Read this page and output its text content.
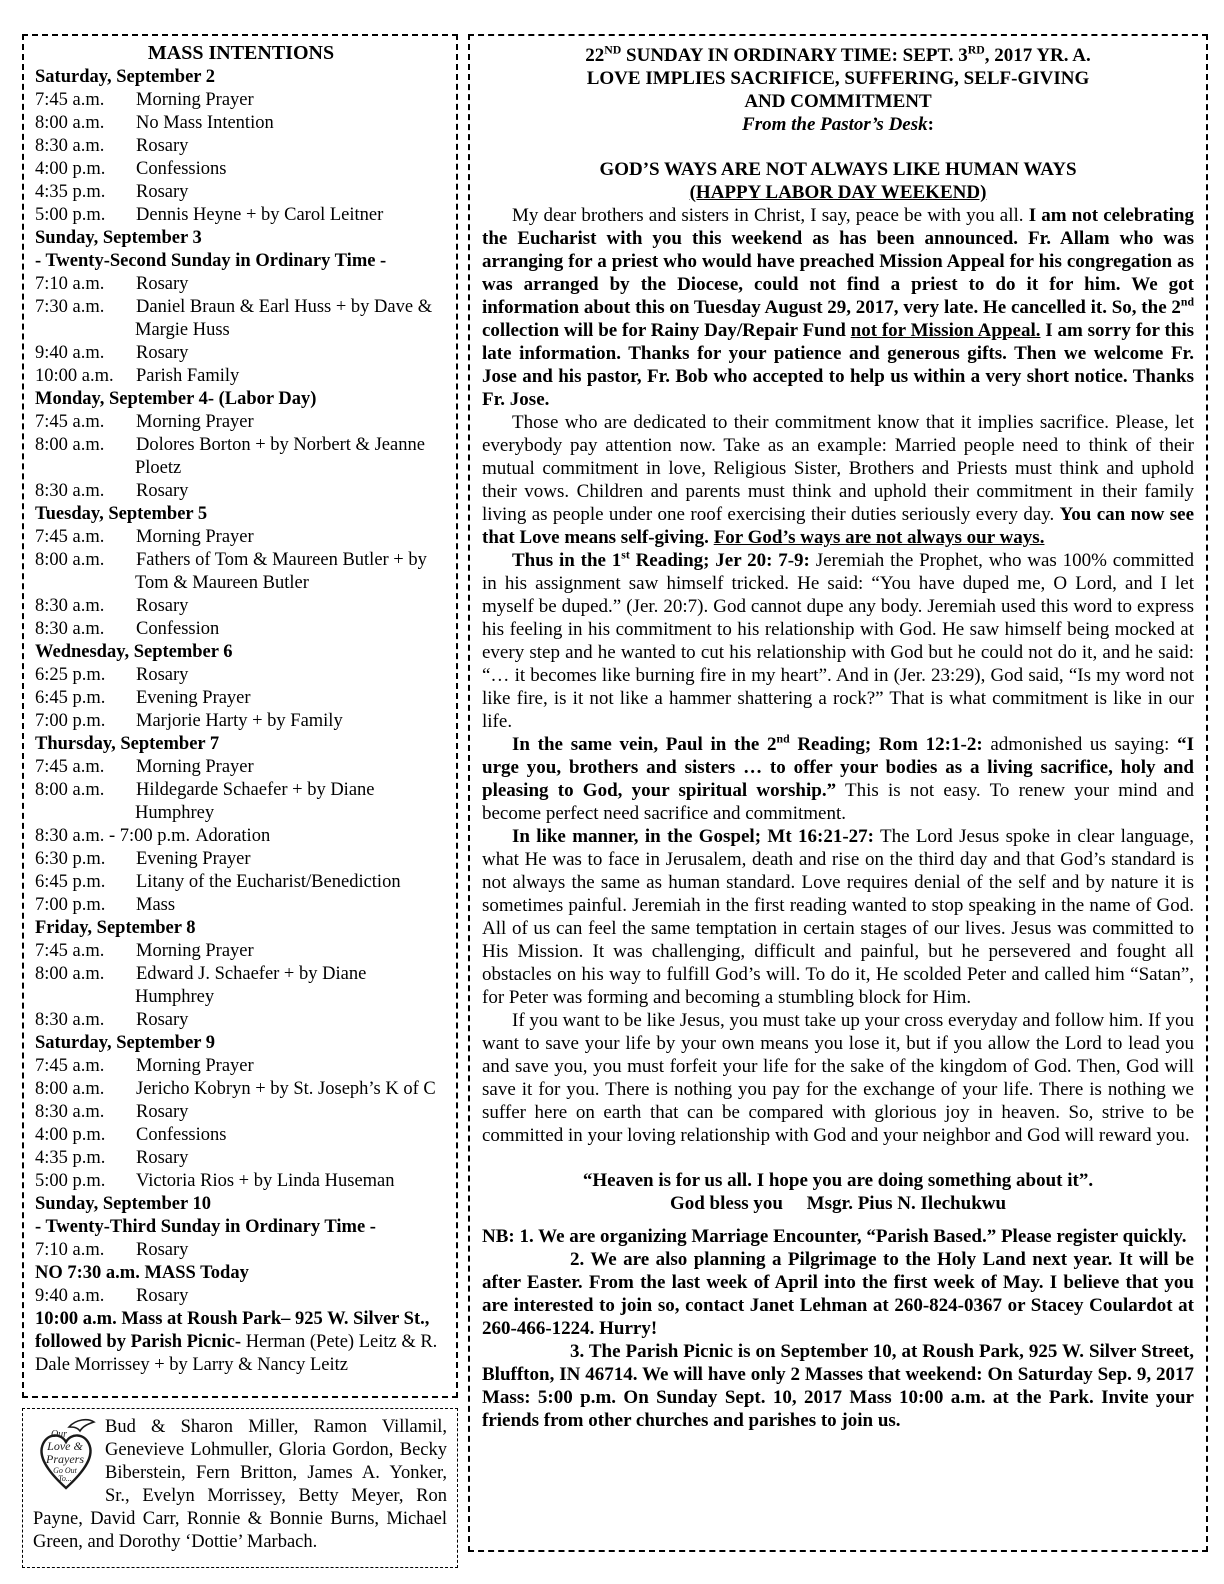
MASS INTENTIONS
Saturday, September 2
7:45 a.m. Morning Prayer
8:00 a.m. No Mass Intention
8:30 a.m. Rosary
4:00 p.m. Confessions
4:35 p.m. Rosary
5:00 p.m. Dennis Heyne + by Carol Leitner
Sunday, September 3
- Twenty-Second Sunday in Ordinary Time -
7:10 a.m. Rosary
7:30 a.m. Daniel Braun & Earl Huss + by Dave & Margie Huss
9:40 a.m. Rosary
10:00 a.m. Parish Family
Monday, September 4- (Labor Day)
7:45 a.m. Morning Prayer
8:00 a.m. Dolores Borton + by Norbert & Jeanne Ploetz
8:30 a.m. Rosary
Tuesday, September 5
7:45 a.m. Morning Prayer
8:00 a.m. Fathers of Tom & Maureen Butler + by Tom & Maureen Butler
8:30 a.m. Rosary
8:30 a.m. Confession
Wednesday, September 6
6:25 p.m. Rosary
6:45 p.m. Evening Prayer
7:00 p.m. Marjorie Harty + by Family
Thursday, September 7
7:45 a.m. Morning Prayer
8:00 a.m. Hildegarde Schaefer + by Diane Humphrey
8:30 a.m. - 7:00 p.m. Adoration
6:30 p.m. Evening Prayer
6:45 p.m. Litany of the Eucharist/Benediction
7:00 p.m. Mass
Friday, September 8
7:45 a.m. Morning Prayer
8:00 a.m. Edward J. Schaefer + by Diane Humphrey
8:30 a.m. Rosary
Saturday, September 9
7:45 a.m. Morning Prayer
8:00 a.m. Jericho Kobryn + by St. Joseph’s K of C
8:30 a.m. Rosary
4:00 p.m. Confessions
4:35 p.m. Rosary
5:00 p.m. Victoria Rios + by Linda Huseman
Sunday, September 10
- Twenty-Third Sunday in Ordinary Time -
7:10 a.m. Rosary
NO 7:30 a.m. MASS Today
9:40 a.m. Rosary
10:00 a.m. Mass at Roush Park– 925 W. Silver St., followed by Parish Picnic- Herman (Pete) Leitz & R. Dale Morrissey + by Larry & Nancy Leitz
Our
Love &
Prayers
Go Out
To...
Bud & Sharon Miller, Ramon Villamil, Genevieve Lohmuller, Gloria Gordon, Becky Biberstein, Fern Britton, James A. Yonker, Sr., Evelyn Morrissey, Betty Meyer, Ron Payne, David Carr, Ronnie & Bonnie Burns, Michael Green, and Dorothy ‘Dottie’ Marbach.
22ND SUNDAY IN ORDINARY TIME: SEPT. 3RD, 2017 YR. A.
LOVE IMPLIES SACRIFICE, SUFFERING, SELF-GIVING
AND COMMITMENT
From the Pastor’s Desk:
GOD’S WAYS ARE NOT ALWAYS LIKE HUMAN WAYS
(HAPPY LABOR DAY WEEKEND)
My dear brothers and sisters in Christ, I say, peace be with you all. I am not celebrating the Eucharist with you this weekend as has been announced. Fr. Allam who was arranging for a priest who would have preached Mission Appeal for his congregation as was arranged by the Diocese, could not find a priest to do it for him. We got information about this on Tuesday August 29, 2017, very late. He cancelled it. So, the 2nd collection will be for Rainy Day/Repair Fund not for Mission Appeal. I am sorry for this late information. Thanks for your patience and generous gifts. Then we welcome Fr. Jose and his pastor, Fr. Bob who accepted to help us within a very short notice. Thanks Fr. Jose.
Those who are dedicated to their commitment know that it implies sacrifice. Please, let everybody pay attention now. Take as an example: Married people need to think of their mutual commitment in love, Religious Sister, Brothers and Priests must think and uphold their vows. Children and parents must think and uphold their commitment in their family living as people under one roof exercising their duties seriously every day. You can now see that Love means self-giving. For God’s ways are not always our ways.
Thus in the 1st Reading; Jer 20: 7-9: Jeremiah the Prophet, who was 100% committed in his assignment saw himself tricked. He said: “You have duped me, O Lord, and I let myself be duped.” (Jer. 20:7). God cannot dupe any body. Jeremiah used this word to express his feeling in his commitment to his relationship with God. He saw himself being mocked at every step and he wanted to cut his relationship with God but he could not do it, and he said: “… it becomes like burning fire in my heart”. And in (Jer. 23:29), God said, “Is my word not like fire, is it not like a hammer shattering a rock?” That is what commitment is like in our life.
In the same vein, Paul in the 2nd Reading; Rom 12:1-2: admonished us saying: “I urge you, brothers and sisters … to offer your bodies as a living sacrifice, holy and pleasing to God, your spiritual worship.” This is not easy. To renew your mind and become perfect need sacrifice and commitment.
In like manner, in the Gospel; Mt 16:21-27: The Lord Jesus spoke in clear language, what He was to face in Jerusalem, death and rise on the third day and that God’s standard is not always the same as human standard. Love requires denial of the self and by nature it is sometimes painful. Jeremiah in the first reading wanted to stop speaking in the name of God. All of us can feel the same temptation in certain stages of our lives. Jesus was committed to His Mission. It was challenging, difficult and painful, but he persevered and fought all obstacles on his way to fulfill God’s will. To do it, He scolded Peter and called him “Satan”, for Peter was forming and becoming a stumbling block for Him.
If you want to be like Jesus, you must take up your cross everyday and follow him. If you want to save your life by your own means you lose it, but if you allow the Lord to lead you and save you, you must forfeit your life for the sake of the kingdom of God. Then, God will save it for you. There is nothing you pay for the exchange of your life. There is nothing we suffer here on earth that can be compared with glorious joy in heaven. So, strive to be committed in your loving relationship with God and your neighbor and God will reward you.
“Heaven is for us all. I hope you are doing something about it”.
God bless you     Msgr. Pius N. Ilechukwu
NB: 1. We are organizing Marriage Encounter, “Parish Based.” Please register quickly.
2. We are also planning a Pilgrimage to the Holy Land next year. It will be after Easter. From the last week of April into the first week of May. I believe that you are interested to join so, contact Janet Lehman at 260-824-0367 or Stacey Coulardot at 260-466-1224. Hurry!
3. The Parish Picnic is on September 10, at Roush Park, 925 W. Silver Street, Bluffton, IN 46714. We will have only 2 Masses that weekend: On Saturday Sep. 9, 2017 Mass: 5:00 p.m. On Sunday Sept. 10, 2017 Mass 10:00 a.m. at the Park. Invite your friends from other churches and parishes to join us.
